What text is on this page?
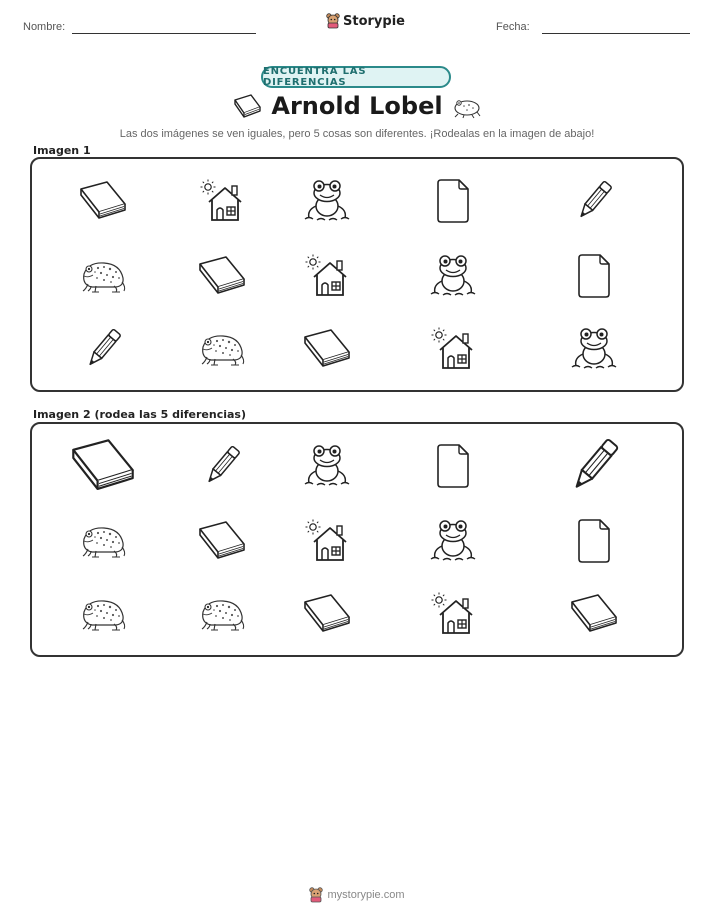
Nombre:	Storypie	Fecha:
ENCUENTRA LAS DIFERENCIAS
Arnold Lobel
Las dos imágenes se ven iguales, pero 5 cosas son diferentes. ¡Rodealas en la imagen de abajo!
Imagen 1
Imagen 2 (rodea las 5 diferencias)
mystorypie.com
